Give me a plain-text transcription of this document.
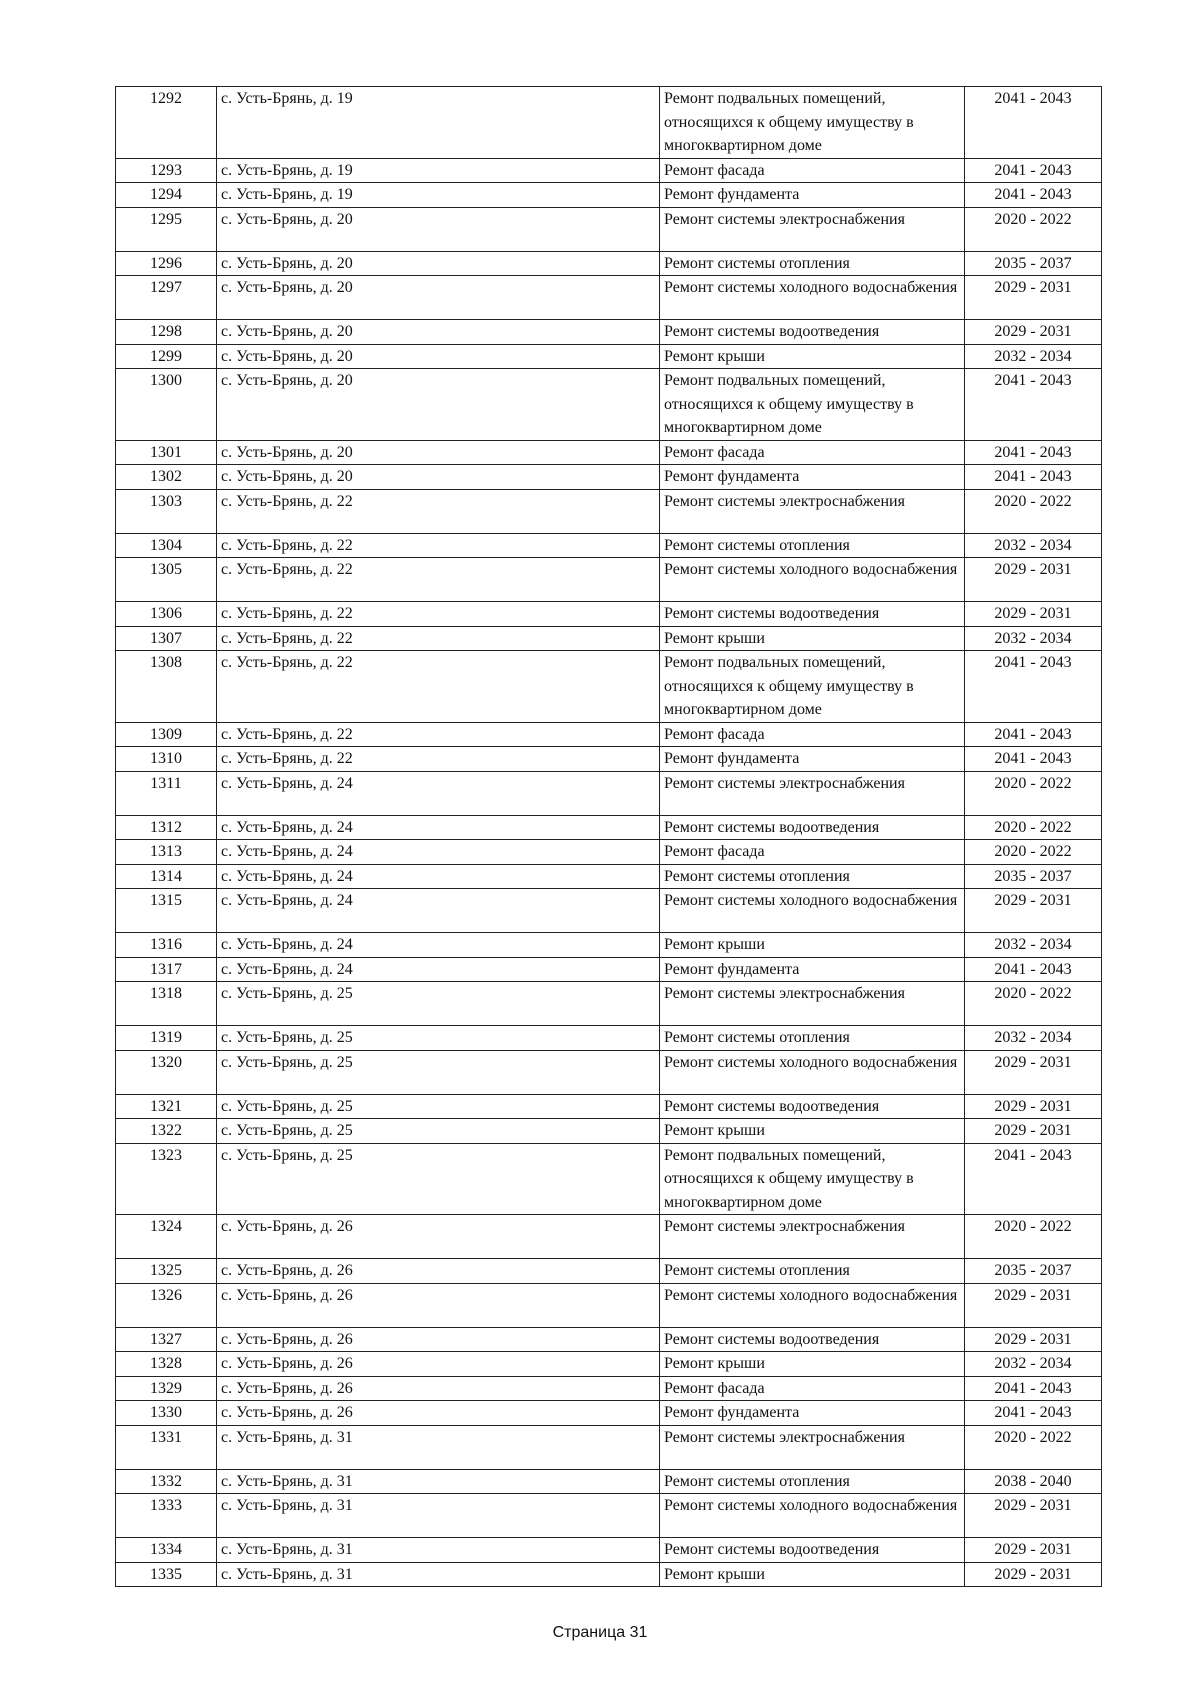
1292	с. Усть-Брянь, д. 19	Ремонт подвальных помещений, относящихся к общему имуществу в многоквартирном доме	2041 - 2043
1293	с. Усть-Брянь, д. 19	Ремонт фасада	2041 - 2043
1294	с. Усть-Брянь, д. 19	Ремонт фундамента	2041 - 2043
1295	с. Усть-Брянь, д. 20	Ремонт системы электроснабжения	2020 - 2022
1296	с. Усть-Брянь, д. 20	Ремонт системы отопления	2035 - 2037
1297	с. Усть-Брянь, д. 20	Ремонт системы холодного водоснабжения	2029 - 2031
1298	с. Усть-Брянь, д. 20	Ремонт системы водоотведения	2029 - 2031
1299	с. Усть-Брянь, д. 20	Ремонт крыши	2032 - 2034
1300	с. Усть-Брянь, д. 20	Ремонт подвальных помещений, относящихся к общему имуществу в многоквартирном доме	2041 - 2043
1301	с. Усть-Брянь, д. 20	Ремонт фасада	2041 - 2043
1302	с. Усть-Брянь, д. 20	Ремонт фундамента	2041 - 2043
1303	с. Усть-Брянь, д. 22	Ремонт системы электроснабжения	2020 - 2022
1304	с. Усть-Брянь, д. 22	Ремонт системы отопления	2032 - 2034
1305	с. Усть-Брянь, д. 22	Ремонт системы холодного водоснабжения	2029 - 2031
1306	с. Усть-Брянь, д. 22	Ремонт системы водоотведения	2029 - 2031
1307	с. Усть-Брянь, д. 22	Ремонт крыши	2032 - 2034
1308	с. Усть-Брянь, д. 22	Ремонт подвальных помещений, относящихся к общему имуществу в многоквартирном доме	2041 - 2043
1309	с. Усть-Брянь, д. 22	Ремонт фасада	2041 - 2043
1310	с. Усть-Брянь, д. 22	Ремонт фундамента	2041 - 2043
1311	с. Усть-Брянь, д. 24	Ремонт системы электроснабжения	2020 - 2022
1312	с. Усть-Брянь, д. 24	Ремонт системы водоотведения	2020 - 2022
1313	с. Усть-Брянь, д. 24	Ремонт фасада	2020 - 2022
1314	с. Усть-Брянь, д. 24	Ремонт системы отопления	2035 - 2037
1315	с. Усть-Брянь, д. 24	Ремонт системы холодного водоснабжения	2029 - 2031
1316	с. Усть-Брянь, д. 24	Ремонт крыши	2032 - 2034
1317	с. Усть-Брянь, д. 24	Ремонт фундамента	2041 - 2043
1318	с. Усть-Брянь, д. 25	Ремонт системы электроснабжения	2020 - 2022
1319	с. Усть-Брянь, д. 25	Ремонт системы отопления	2032 - 2034
1320	с. Усть-Брянь, д. 25	Ремонт системы холодного водоснабжения	2029 - 2031
1321	с. Усть-Брянь, д. 25	Ремонт системы водоотведения	2029 - 2031
1322	с. Усть-Брянь, д. 25	Ремонт крыши	2029 - 2031
1323	с. Усть-Брянь, д. 25	Ремонт подвальных помещений, относящихся к общему имуществу в многоквартирном доме	2041 - 2043
1324	с. Усть-Брянь, д. 26	Ремонт системы электроснабжения	2020 - 2022
1325	с. Усть-Брянь, д. 26	Ремонт системы отопления	2035 - 2037
1326	с. Усть-Брянь, д. 26	Ремонт системы холодного водоснабжения	2029 - 2031
1327	с. Усть-Брянь, д. 26	Ремонт системы водоотведения	2029 - 2031
1328	с. Усть-Брянь, д. 26	Ремонт крыши	2032 - 2034
1329	с. Усть-Брянь, д. 26	Ремонт фасада	2041 - 2043
1330	с. Усть-Брянь, д. 26	Ремонт фундамента	2041 - 2043
1331	с. Усть-Брянь, д. 31	Ремонт системы электроснабжения	2020 - 2022
1332	с. Усть-Брянь, д. 31	Ремонт системы отопления	2038 - 2040
1333	с. Усть-Брянь, д. 31	Ремонт системы холодного водоснабжения	2029 - 2031
1334	с. Усть-Брянь, д. 31	Ремонт системы водоотведения	2029 - 2031
1335	с. Усть-Брянь, д. 31	Ремонт крыши	2029 - 2031
Страница 31
